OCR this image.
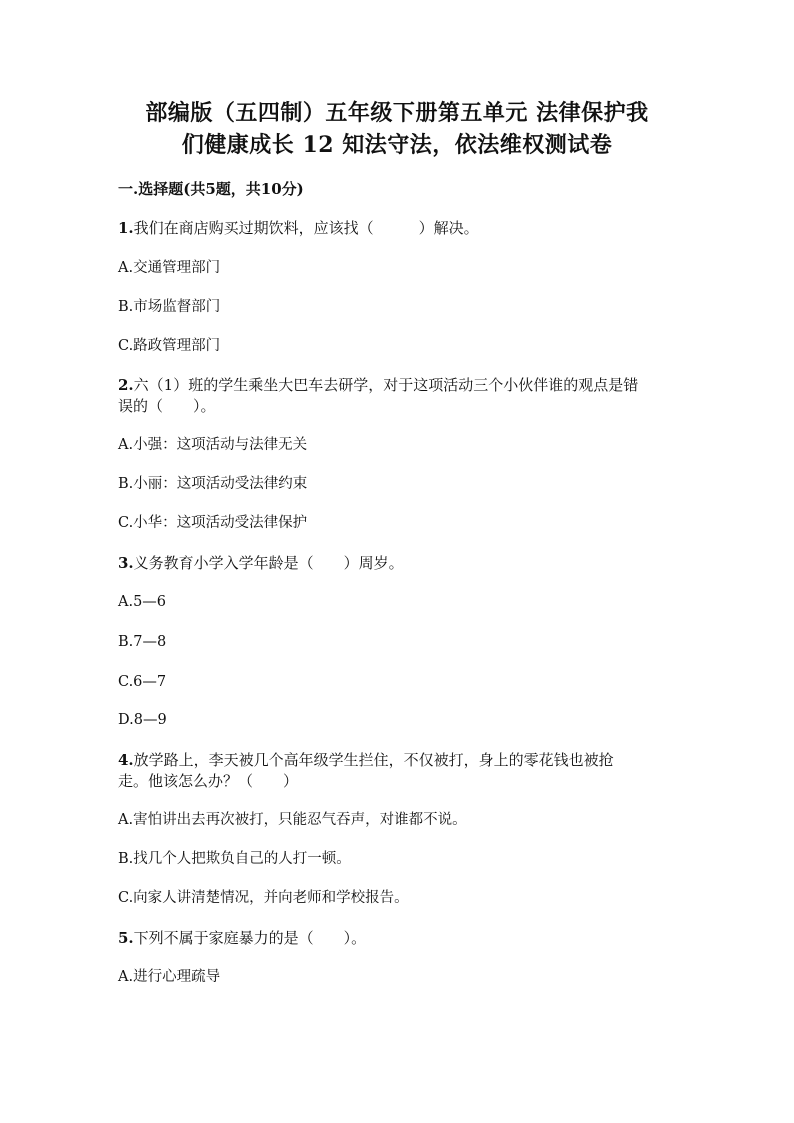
部编版（五四制）五年级下册第五单元 法律保护我
们健康成长 12 知法守法，依法维权测试卷
一.选择题(共5题，共10分)
1.我们在商店购买过期饮料，应该找（　　　）解决。
A.交通管理部门
B.市场监督部门
C.路政管理部门
2.六（1）班的学生乘坐大巴车去研学，对于这项活动三个小伙伴谁的观点是错
误的（　　）。
A.小强：这项活动与法律无关
B.小丽：这项活动受法律约束
C.小华：这项活动受法律保护
3.义务教育小学入学年龄是（　　）周岁。
A.5—6
B.7—8
C.6—7
D.8—9
4.放学路上，李天被几个高年级学生拦住，不仅被打，身上的零花钱也被抢
走。他该怎么办？（　　）
A.害怕讲出去再次被打，只能忍气吞声，对谁都不说。
B.找几个人把欺负自己的人打一顿。
C.向家人讲清楚情况，并向老师和学校报告。
5.下列不属于家庭暴力的是（　　）。
A.进行心理疏导
